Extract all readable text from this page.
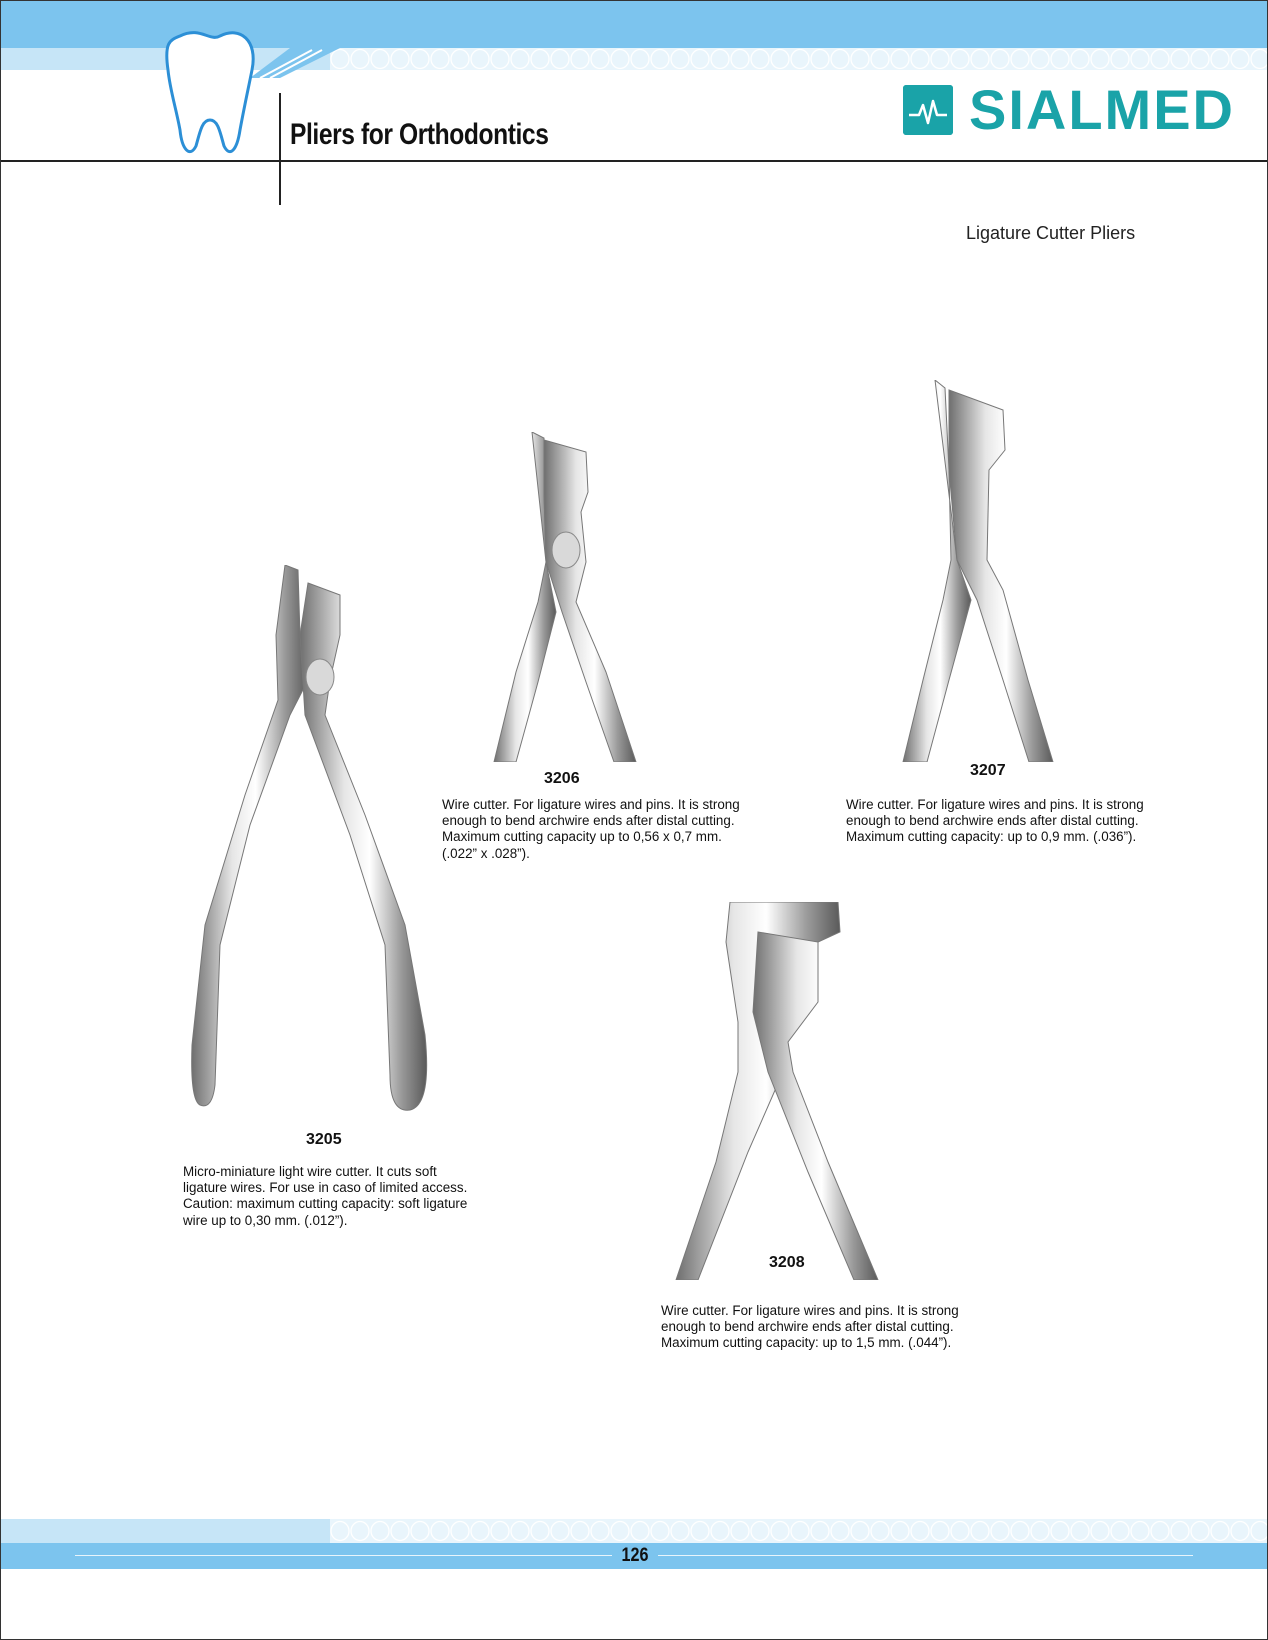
Pliers for Orthodontics	SIALMED
Ligature Cutter Pliers
3205
Micro-miniature light wire cutter. It cuts soft ligature wires. For use in caso of limited access. Caution: maximum cutting capacity: soft ligature wire up to 0,30 mm. (.012”).
3206
Wire cutter. For ligature wires and pins. It is strong enough to bend archwire ends after distal cutting. Maximum cutting capacity up to 0,56 x 0,7 mm. (.022” x .028”).
3207
Wire cutter. For ligature wires and pins. It is strong enough to bend archwire ends after distal cutting. Maximum cutting capacity: up to 0,9 mm. (.036”).
3208
Wire cutter. For ligature wires and pins. It is strong enough to bend archwire ends after distal cutting. Maximum cutting capacity: up to 1,5 mm. (.044”).
126
